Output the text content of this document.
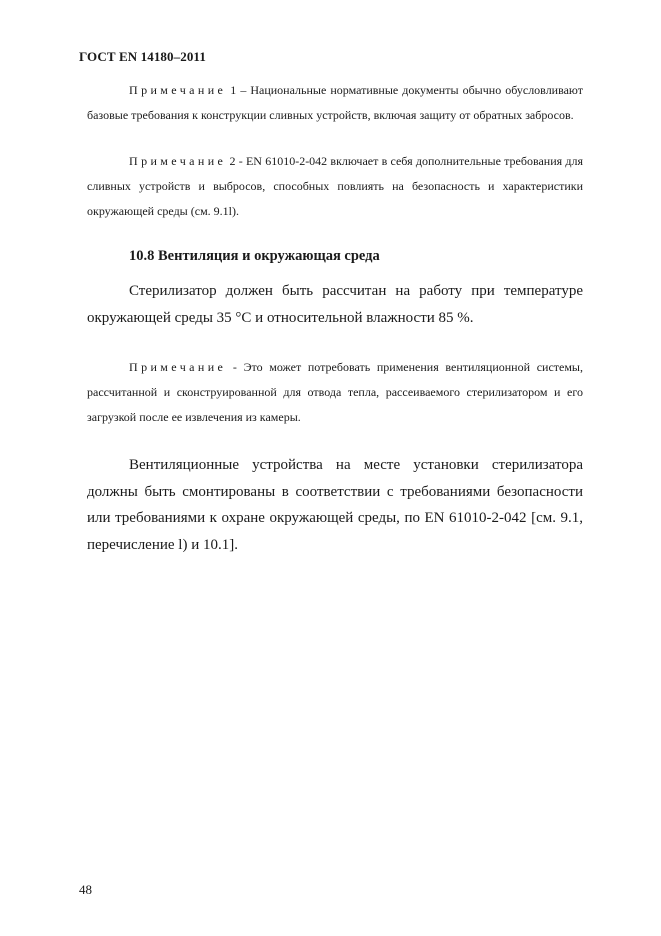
ГОСТ EN 14180–2011

Примечание 1 – Национальные нормативные документы обычно обусловливают базовые требования к конструкции сливных устройств, включая защиту от обратных забросов.

Примечание 2 - EN 61010-2-042 включает в себя дополнительные требования для сливных устройств и выбросов, способных повлиять на безопасность и характеристики окружающей среды (см. 9.1l).

10.8 Вентиляция и окружающая среда

Стерилизатор должен быть рассчитан на работу при температуре окружающей среды 35 °С и относительной влажности 85 %.

Примечание - Это может потребовать применения вентиляционной системы, рассчитанной и сконструированной для отвода тепла, рассеиваемого стерилизатором и его загрузкой после ее извлечения из камеры.

Вентиляционные устройства на месте установки стерилизатора должны быть смонтированы в соответствии с требованиями безопасности или требованиями к охране окружающей среды, по EN 61010-2-042 [см. 9.1, перечисление l) и 10.1].

48
